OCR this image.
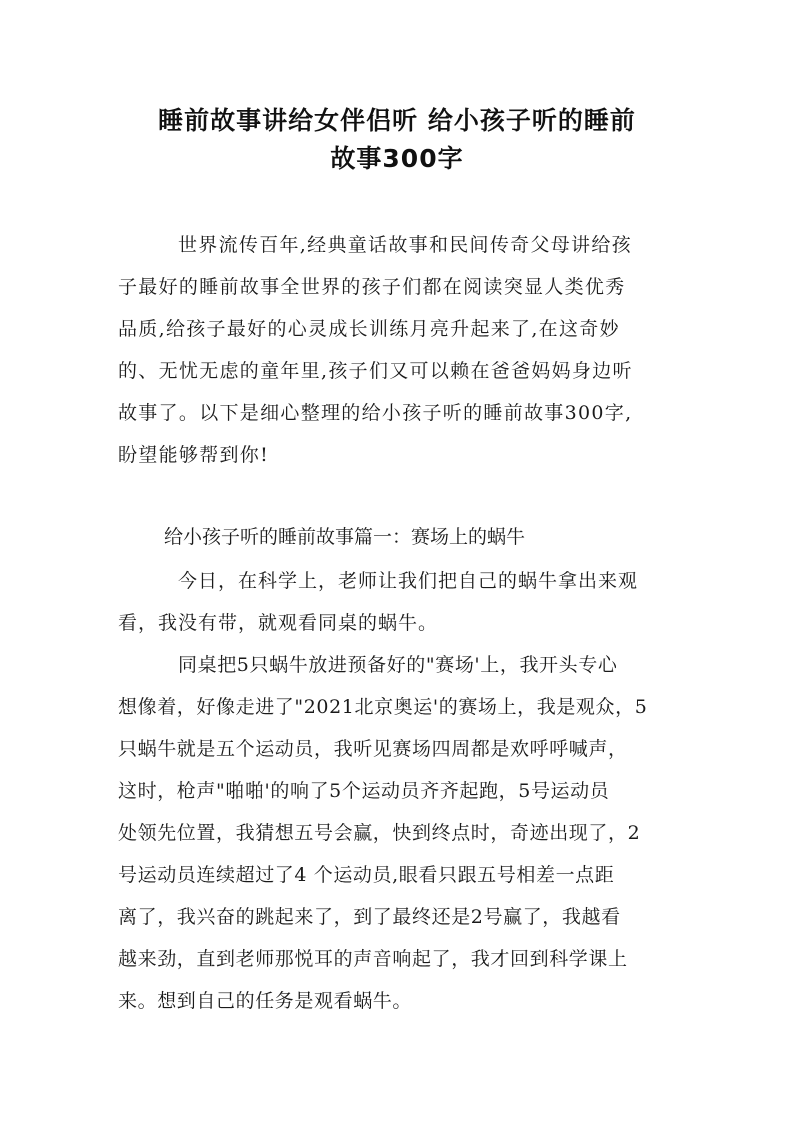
睡前故事讲给女伴侣听 给小孩子听的睡前
故事300字
世界流传百年,经典童话故事和民间传奇父母讲给孩
子最好的睡前故事全世界的孩子们都在阅读突显人类优秀
品质,给孩子最好的心灵成长训练月亮升起来了,在这奇妙
的、无忧无虑的童年里,孩子们又可以赖在爸爸妈妈身边听
故事了。以下是细心整理的给小孩子听的睡前故事300字,
盼望能够帮到你!
给小孩子听的睡前故事篇一：赛场上的蜗牛
今日，在科学上，老师让我们把自己的蜗牛拿出来观
看，我没有带，就观看同桌的蜗牛。
同桌把5只蜗牛放进预备好的"赛场'上，我开头专心
想像着，好像走进了"2021北京奥运'的赛场上，我是观众，5
只蜗牛就是五个运动员，我听见赛场四周都是欢呼呼喊声，
这时，枪声"啪啪'的响了5个运动员齐齐起跑，5号运动员
处领先位置，我猜想五号会赢，快到终点时，奇迹出现了，2
号运动员连续超过了4 个运动员,眼看只跟五号相差一点距
离了，我兴奋的跳起来了，到了最终还是2号赢了，我越看
越来劲，直到老师那悦耳的声音响起了，我才回到科学课上
来。想到自己的任务是观看蜗牛。
